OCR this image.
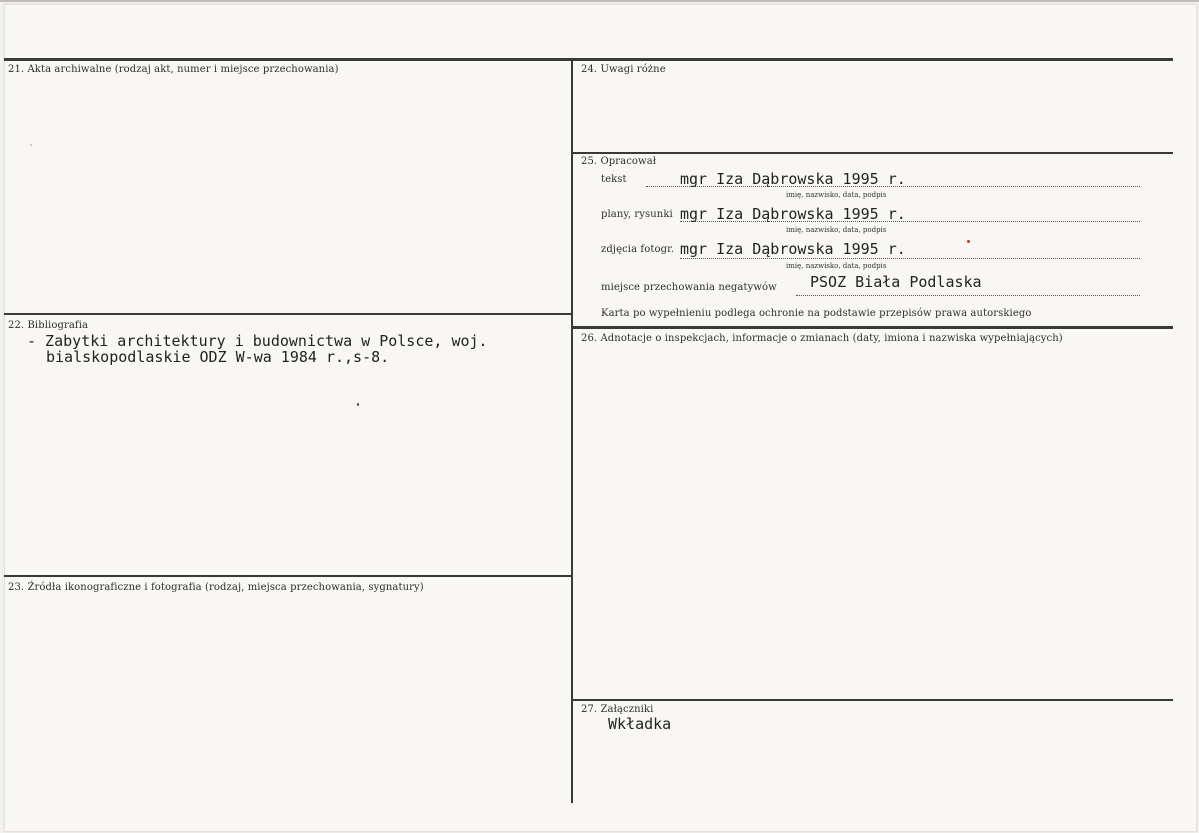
21. Akta archiwalne (rodzaj akt, numer i miejsce przechowania)
22. Bibliografia
- Zabytki architektury i budownictwa w Polsce, woj.
bialskopodlaskie ODZ W-wa 1984 r.,s-8.
23. Źródła ikonograficzne i fotografia (rodzaj, miejsca przechowania, sygnatury)
24. Uwagi różne
25. Opracował
tekst	mgr Iza Dąbrowska 1995 r.
imię, nazwisko, data, podpis
plany, rysunki mgr Iza Dąbrowska 1995 r.
imię, nazwisko, data, podpis
zdjęcia fotogr. mgr Iza Dąbrowska 1995 r.
imię, nazwisko, data, podpis
miejsce przechowania negatywów PSOZ Biała Podlaska
Karta po wypełnieniu podlega ochronie na podstawie przepisów prawa autorskiego
26. Adnotacje o inspekcjach, informacje o zmianach (daty, imiona i nazwiska wypełniających)
27. Załączniki
Wkładka
